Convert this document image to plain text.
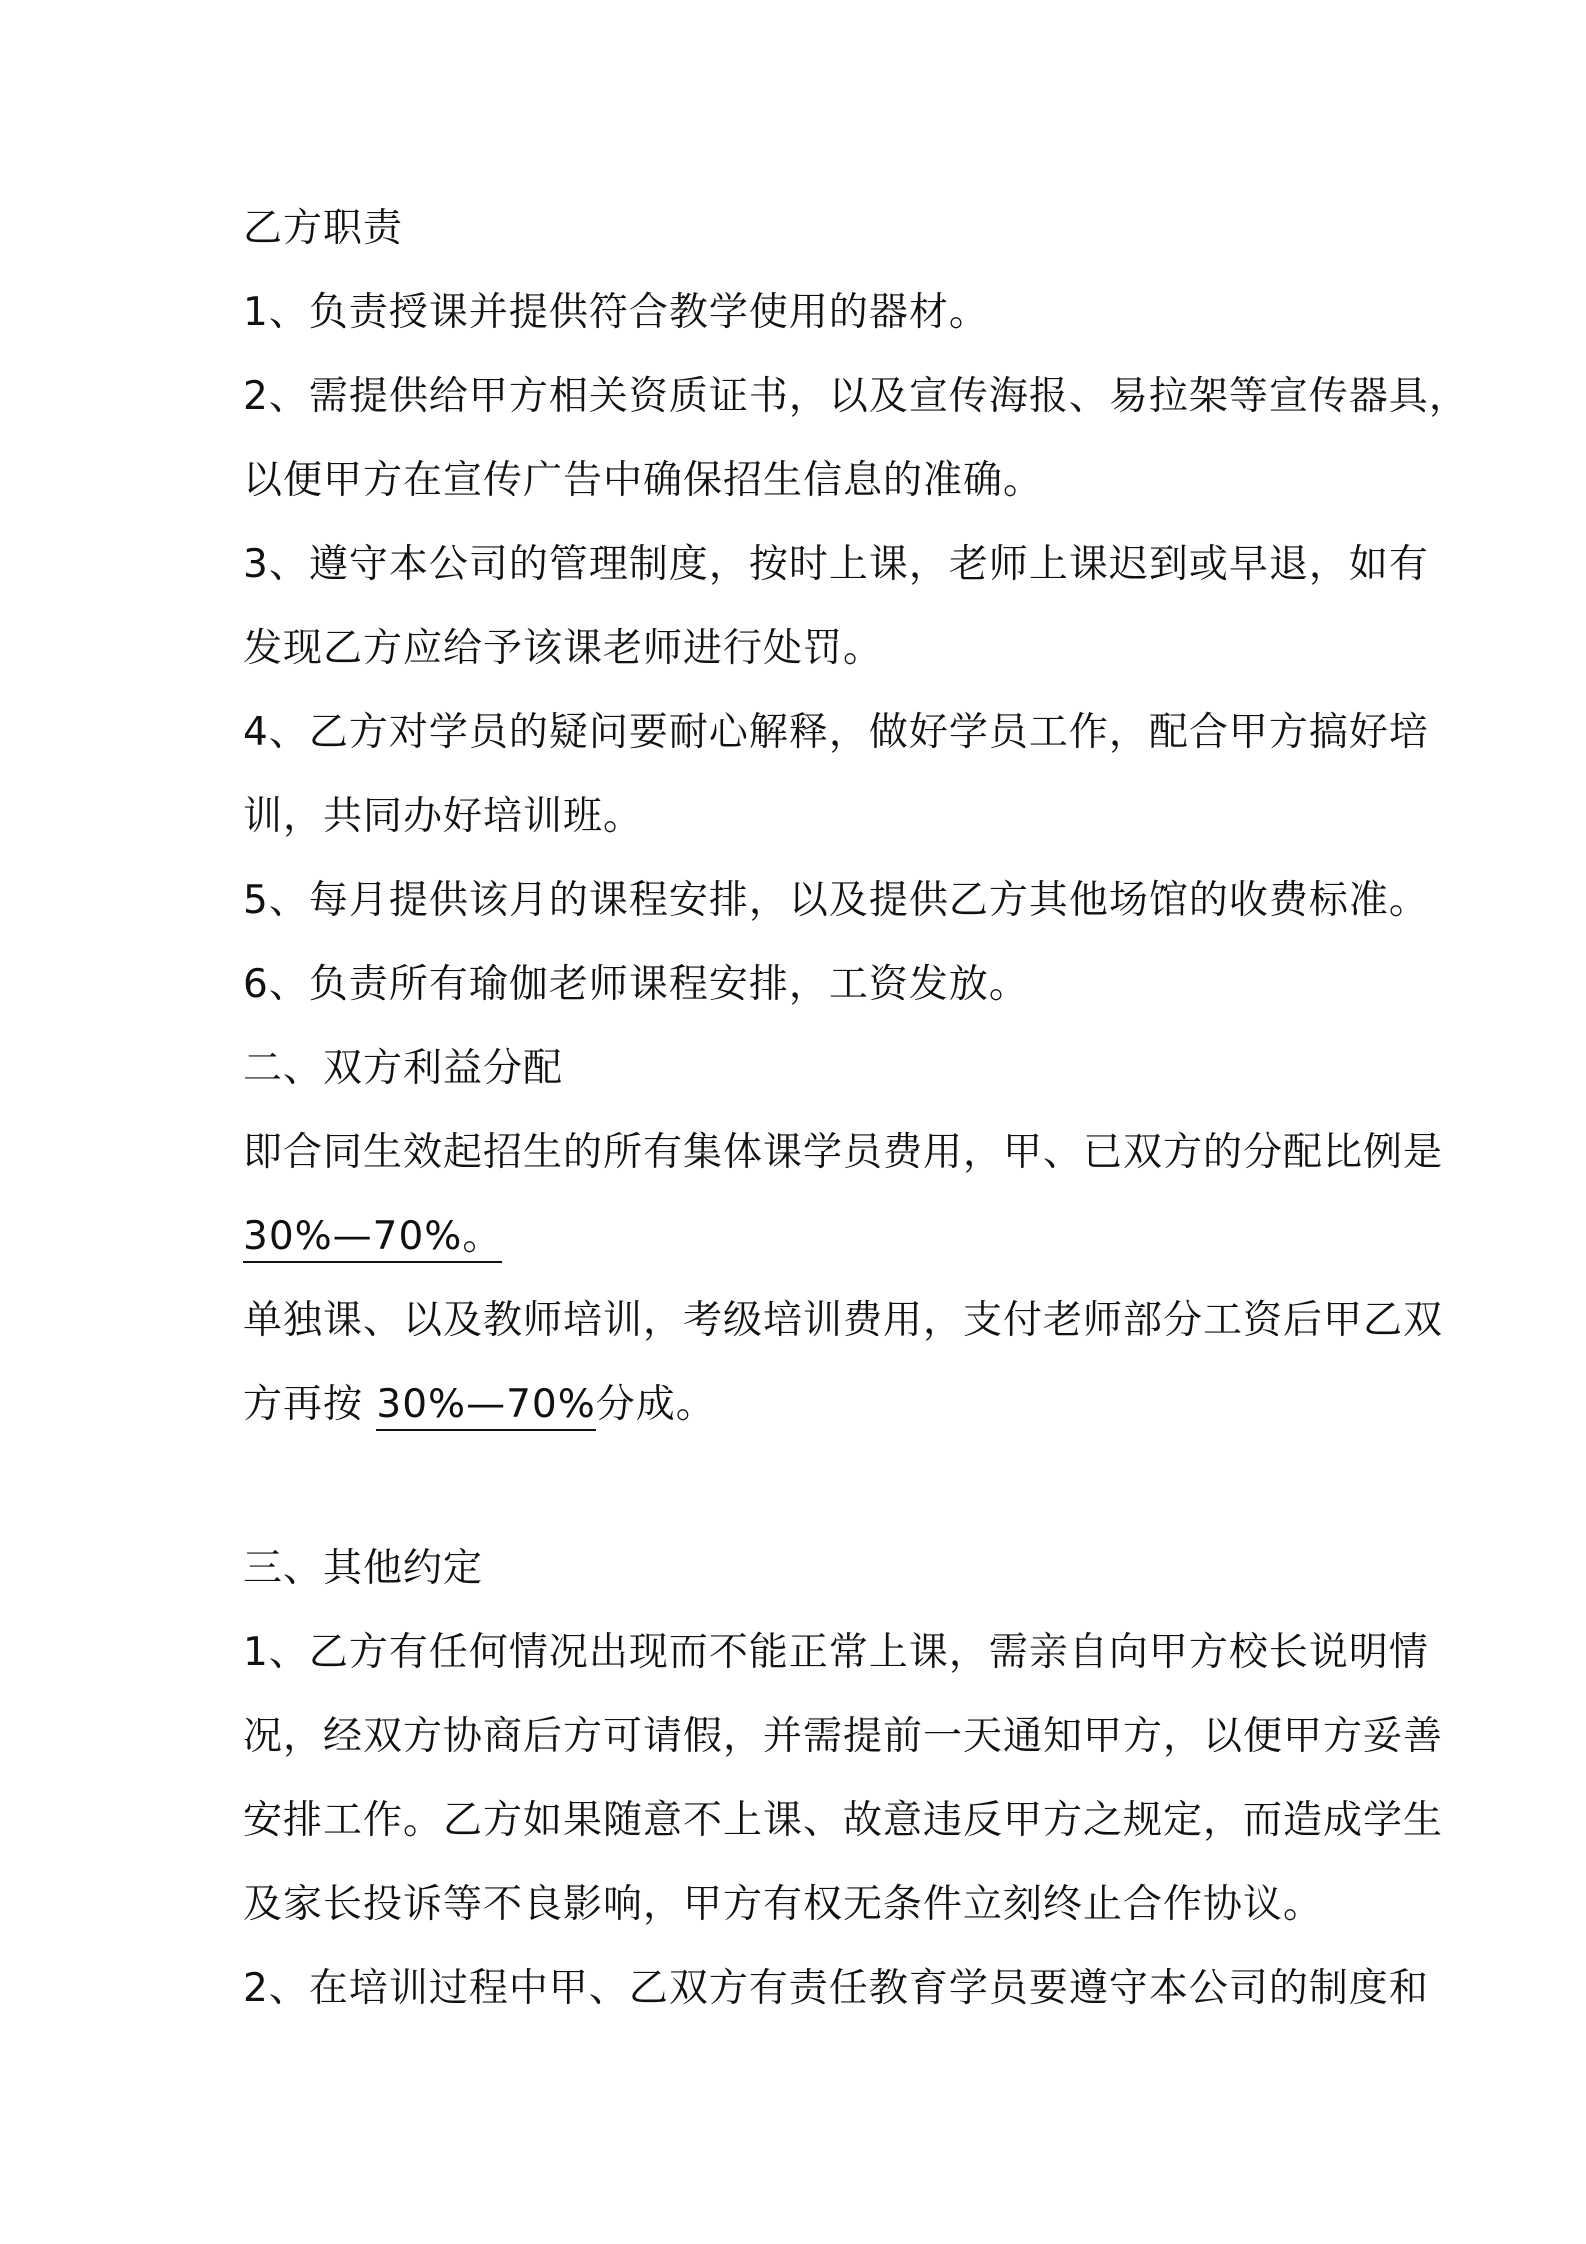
乙方职责
1、负责授课并提供符合教学使用的器材。
2、需提供给甲方相关资质证书，以及宣传海报、易拉架等宣传器具，
以便甲方在宣传广告中确保招生信息的准确。
3、遵守本公司的管理制度，按时上课，老师上课迟到或早退，如有
发现乙方应给予该课老师进行处罚。
4、乙方对学员的疑问要耐心解释，做好学员工作，配合甲方搞好培
训，共同办好培训班。
5、每月提供该月的课程安排，以及提供乙方其他场馆的收费标准。
6、负责所有瑜伽老师课程安排，工资发放。
二、双方利益分配
即合同生效起招生的所有集体课学员费用，甲、已双方的分配比例是
30%—70%。
单独课、以及教师培训，考级培训费用，支付老师部分工资后甲乙双
方再按 30%—70%分成。
三、其他约定
1、乙方有任何情况出现而不能正常上课，需亲自向甲方校长说明情
况，经双方协商后方可请假，并需提前一天通知甲方，以便甲方妥善
安排工作。乙方如果随意不上课、故意违反甲方之规定，而造成学生
及家长投诉等不良影响，甲方有权无条件立刻终止合作协议。
2、在培训过程中甲、乙双方有责任教育学员要遵守本公司的制度和
